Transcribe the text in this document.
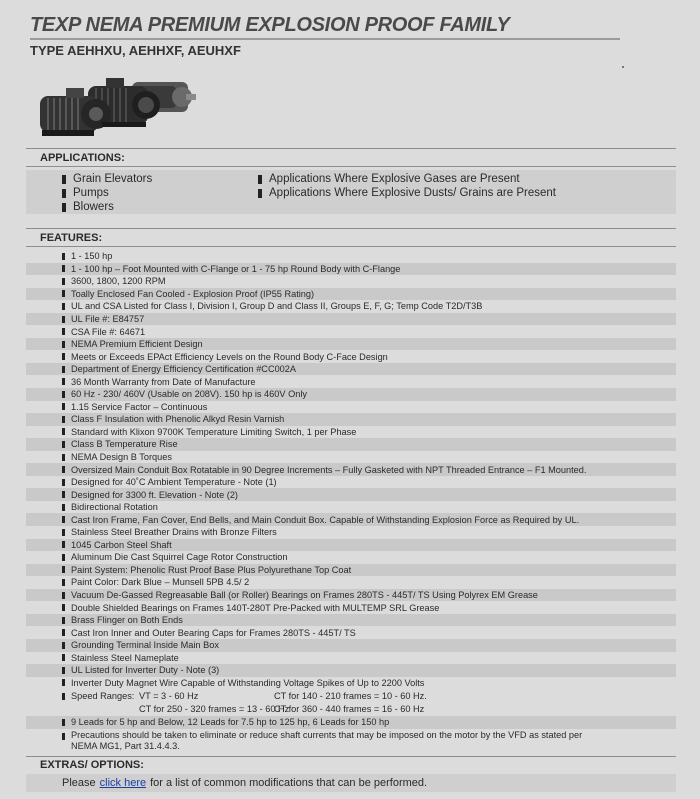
TEXP NEMA PREMIUM EXPLOSION PROOF FAMILY
TYPE AEHHXU, AEHHXF, AEUHXF
APPLICATIONS:
Grain Elevators
Pumps
Blowers
Applications Where Explosive Gases are Present
Applications Where Explosive Dusts/ Grains are Present
FEATURES:
1 - 150 hp
1 - 100 hp – Foot Mounted with C-Flange or 1 - 75 hp Round Body with C-Flange
3600, 1800, 1200 RPM
Toally Enclosed Fan Cooled - Explosion Proof (IP55 Rating)
UL and CSA Listed for Class I, Division I, Group D and Class II, Groups E, F, G; Temp Code T2D/T3B
UL File #: E84757
CSA File #: 64671
NEMA Premium Efficient Design
Meets or Exceeds EPAct Efficiency Levels on the Round Body C-Face Design
Department of Energy Efficiency Certification #CC002A
36 Month Warranty from Date of Manufacture
60 Hz - 230/ 460V (Usable on 208V). 150 hp is 460V Only
1.15 Service Factor – Continuous
Class F Insulation with Phenolic Alkyd Resin Varnish
Standard with Klixon 9700K Temperature Limiting Switch, 1 per Phase
Class B Temperature Rise
NEMA Design B Torques
Oversized Main Conduit Box Rotatable in 90 Degree Increments – Fully Gasketed with NPT Threaded Entrance – F1 Mounted.
Designed for 40˚C Ambient Temperature - Note (1)
Designed for 3300 ft. Elevation - Note (2)
Bidirectional Rotation
Cast Iron Frame, Fan Cover, End Bells, and Main Conduit Box. Capable of Withstanding Explosion Force as Required by UL.
Stainless Steel Breather Drains with Bronze Filters
1045 Carbon Steel Shaft
Aluminum Die Cast Squirrel Cage Rotor Construction
Paint System: Phenolic Rust Proof Base Plus Polyurethane Top Coat
Paint Color: Dark Blue – Munsell 5PB 4.5/ 2
Vacuum De-Gassed Regreasable Ball (or Roller) Bearings on Frames 280TS - 445T/ TS Using Polyrex EM Grease
Double Shielded Bearings on Frames 140T-280T Pre-Packed with MULTEMP SRL Grease
Brass Flinger on Both Ends
Cast Iron Inner and Outer Bearing Caps for Frames 280TS - 445T/ TS
Grounding Terminal Inside Main Box
Stainless Steel Nameplate
UL Listed for Inverter Duty - Note (3)
Inverter Duty Magnet Wire Capable of Withstanding Voltage Spikes of Up to 2200 Volts
Speed Ranges: VT = 3 - 60 Hz	CT for 140 - 210 frames = 10 - 60 Hz.
CT for 250 - 320 frames = 13 - 60 Hz
CT for 360 - 440 frames = 16 - 60 Hz
9 Leads for 5 hp and Below, 12 Leads for 7.5 hp to 125 hp, 6 Leads for 150 hp
Precautions should be taken to eliminate or reduce shaft currents that may be imposed on the motor by the VFD as stated per NEMA MG1, Part 31.4.4.3.
EXTRAS/ OPTIONS:
Please click here for a list of common modifications that can be performed.
